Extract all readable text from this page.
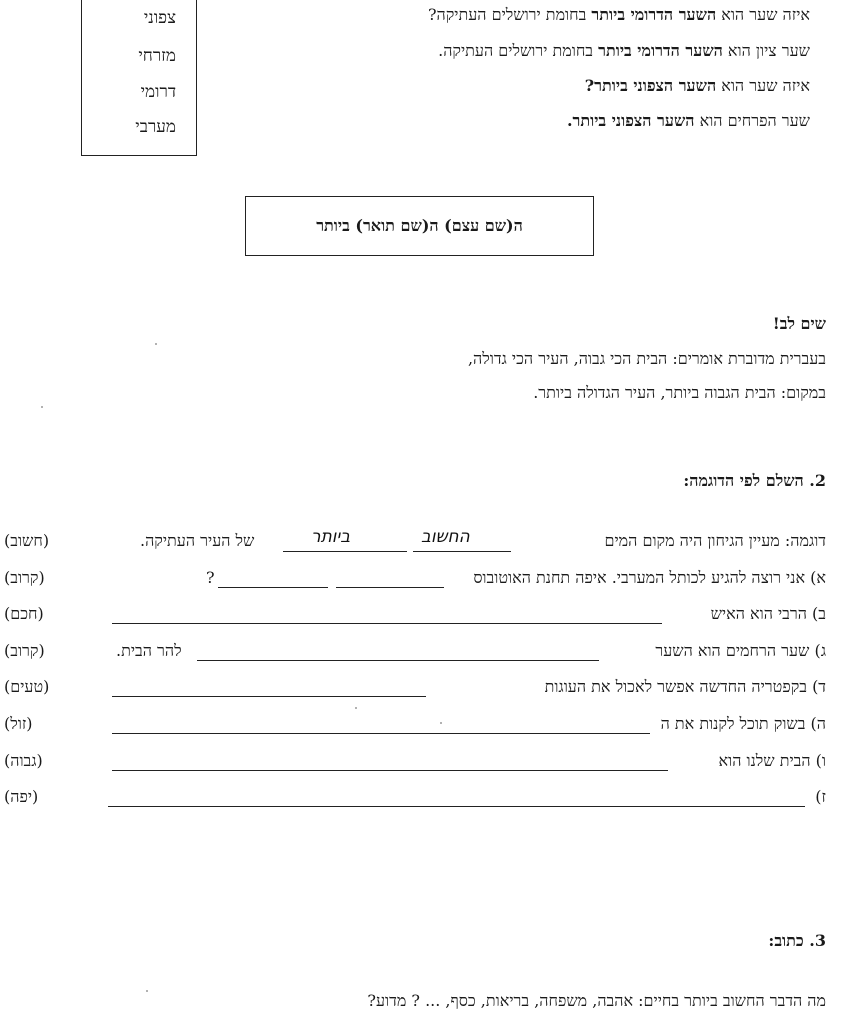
צפוני
מזרחי
דרומי
מערבי
איזה שער הוא השער הדרומי ביותר בחומת ירושלים העתיקה?
שער ציון הוא השער הדרומי ביותר בחומת ירושלים העתיקה.
איזה שער הוא השער הצפוני ביותר?
שער הפרחים הוא השער הצפוני ביותר.
ה(שם עצם) ה(שם תואר) ביותר
שים לב!
בעברית מדוברת אומרים: הבית הכי גבוה, העיר הכי גדולה,
במקום: הבית הגבוה ביותר, העיר הגדולה ביותר.
2. השלם לפי הדוגמה:
(חשוב)	דוגמה: מעיין הגיחון היה מקום המים
החשוב
ביותר
של העיר העתיקה.
(קרוב)	א) אני רוצה להגיע לכותל המערבי. איפה תחנת האוטובוס
?
(חכם)	ב) הרבי הוא האיש
(קרוב)	ג) שער הרחמים הוא השער
להר הבית.
(טעים)	ד) בקפטריה החדשה אפשר לאכול את העוגות
(זול)	ה) בשוק תוכל לקנות את ה
(גבוה)	ו) הבית שלנו הוא
(יפה)	ז)
3. כתוב:
מה הדבר החשוב ביותר בחיים: אהבה, משפחה, בריאות, כסף, ... ? מדוע?
